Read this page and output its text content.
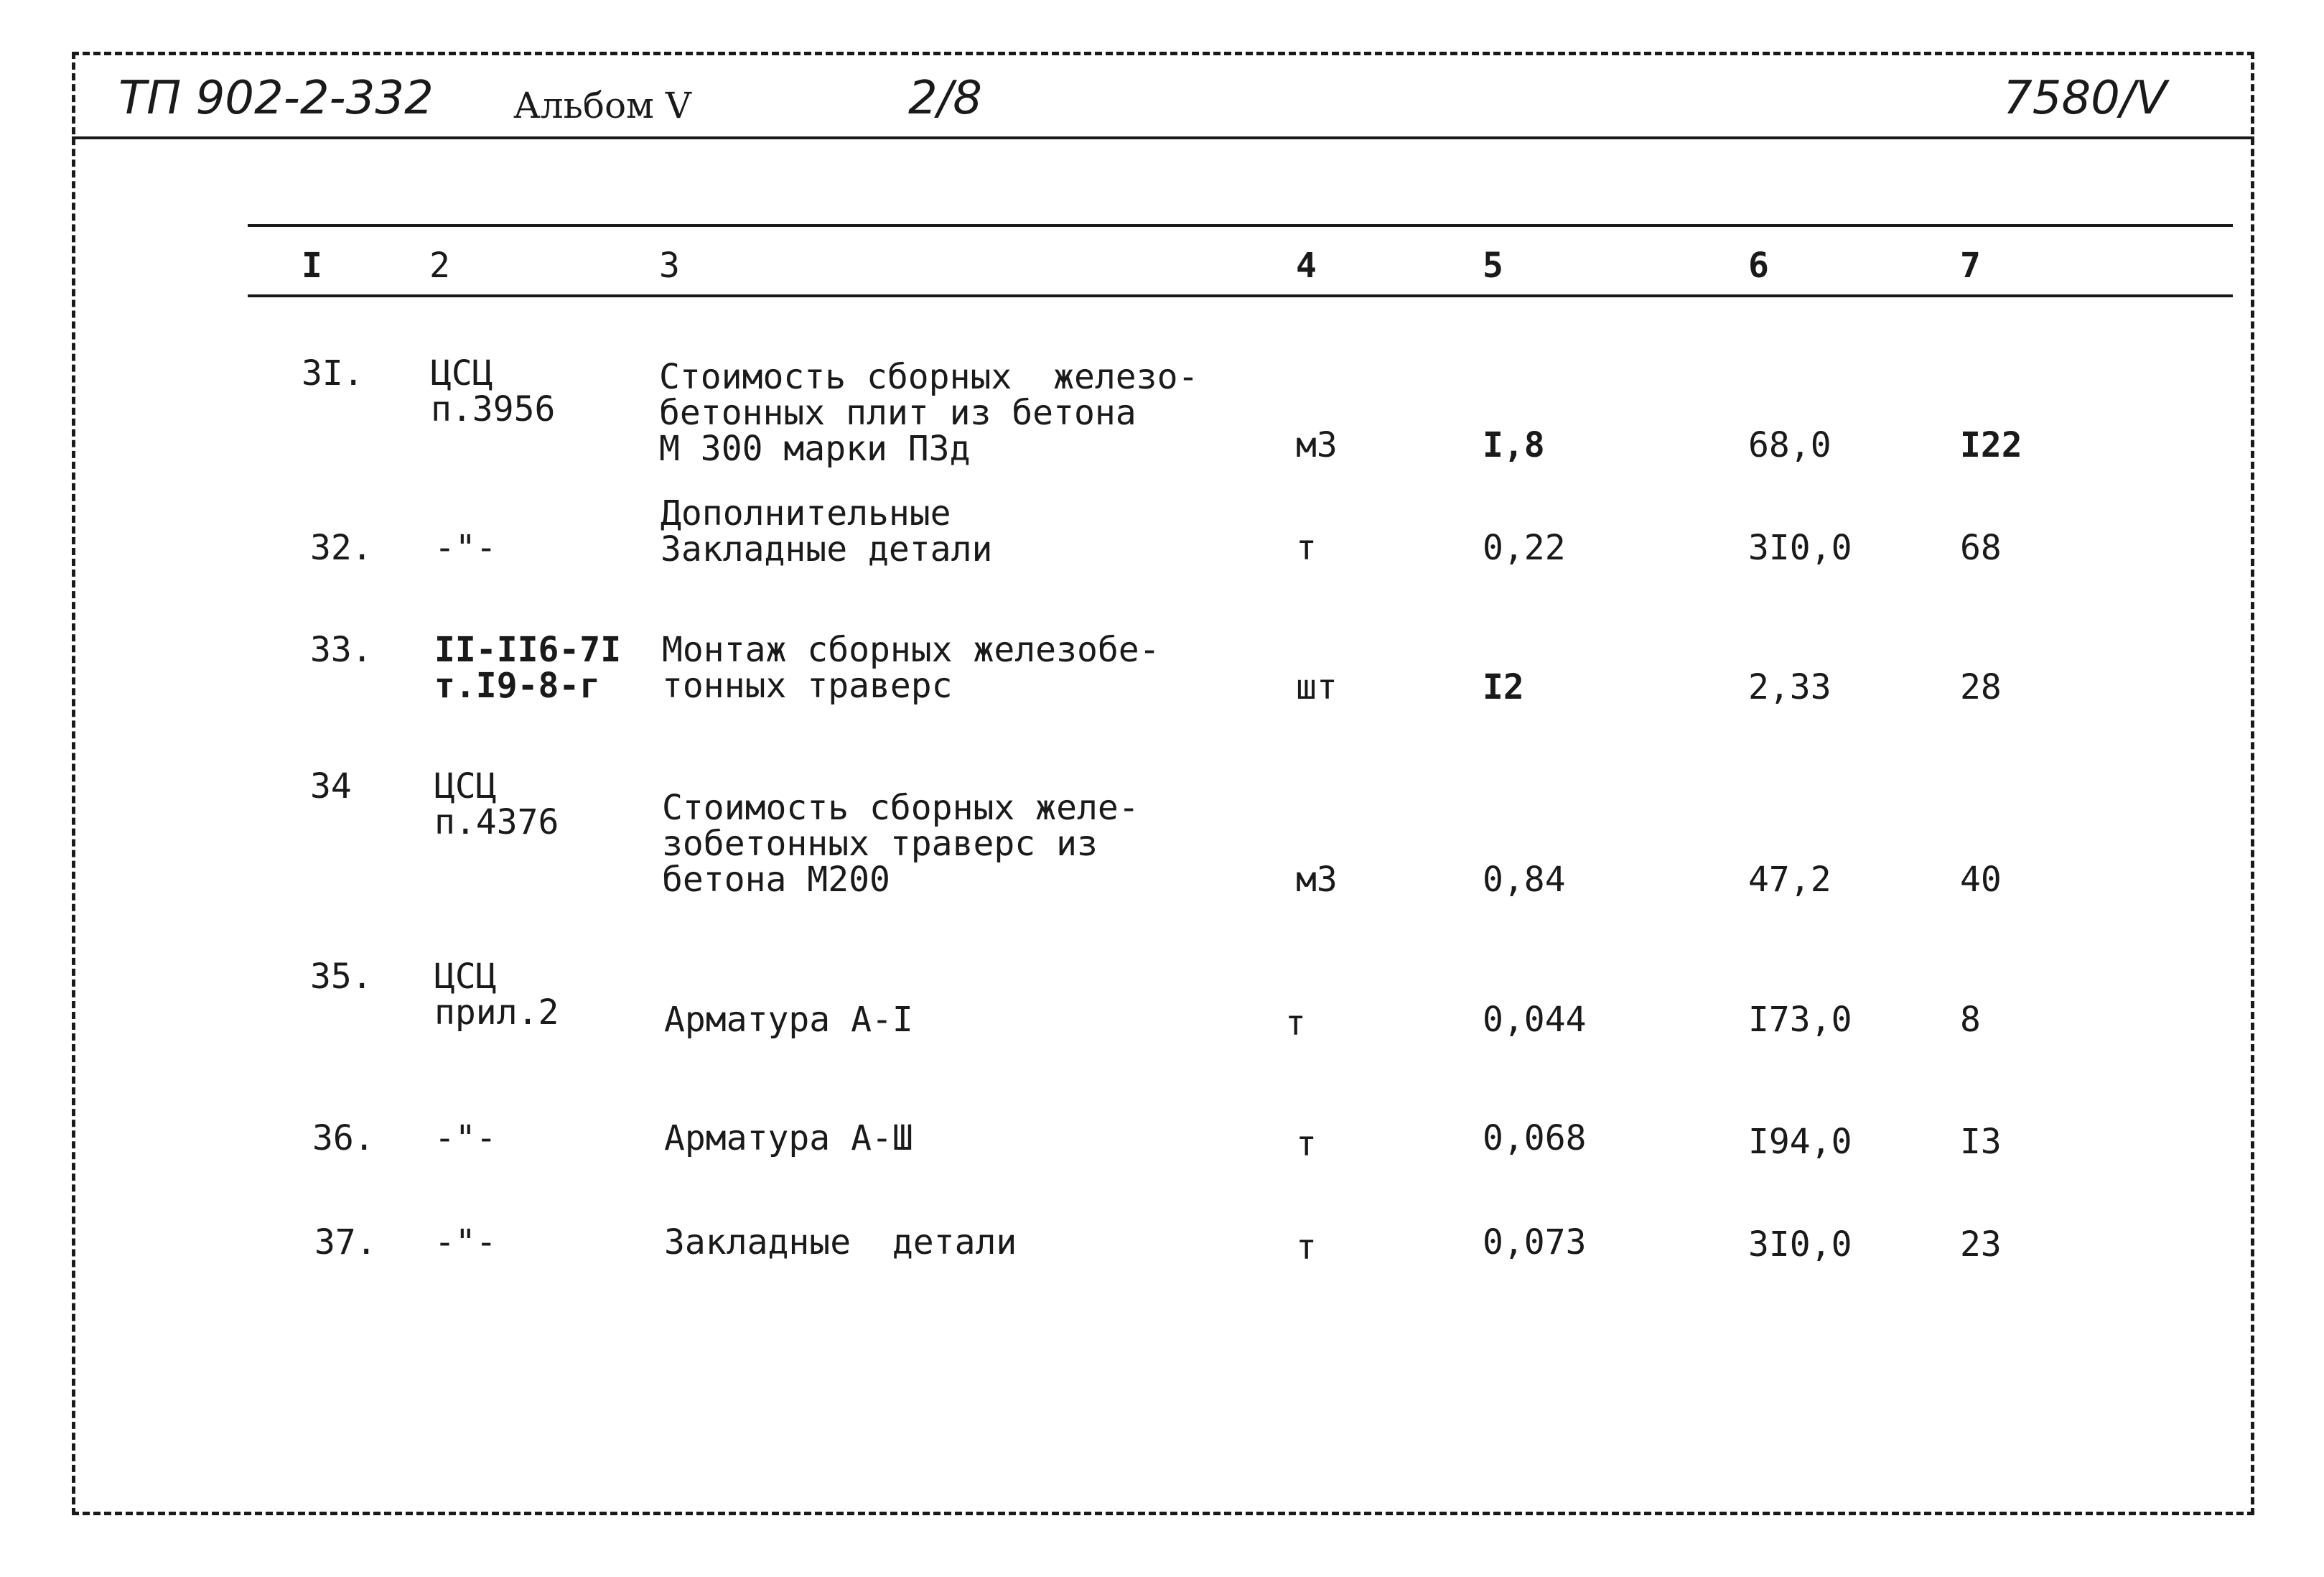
ТП 902-2-332 Альбом V	2/8	7580/V
I	2	3	4	5	6	7
3I. ЦСЦ
п.3956
Стоимость сборных  железо-
бетонных плит из бетона
М 300 марки П3д	м3	I,8	68,0	I22
32. -"-
Дополнительные
Закладные детали	т	0,22	3I0,0	68
33. II-II6-7I
т.I9-8-г
Монтаж сборных железобе-
тонных траверс	шт	I2	2,33	28
34 ЦСЦ
п.4376	Стоимость сборных желе-
зобетонных траверс из
бетона М200	м3	0,84	47,2	40
35. ЦСЦ
прил.2	Арматура А-I	т	0,044	I73,0	8
36. -"-	Арматура А-Ш	т	0,068	I94,0	I3
37. -"-	Закладные  детали	т	0,073	3I0,0	23
